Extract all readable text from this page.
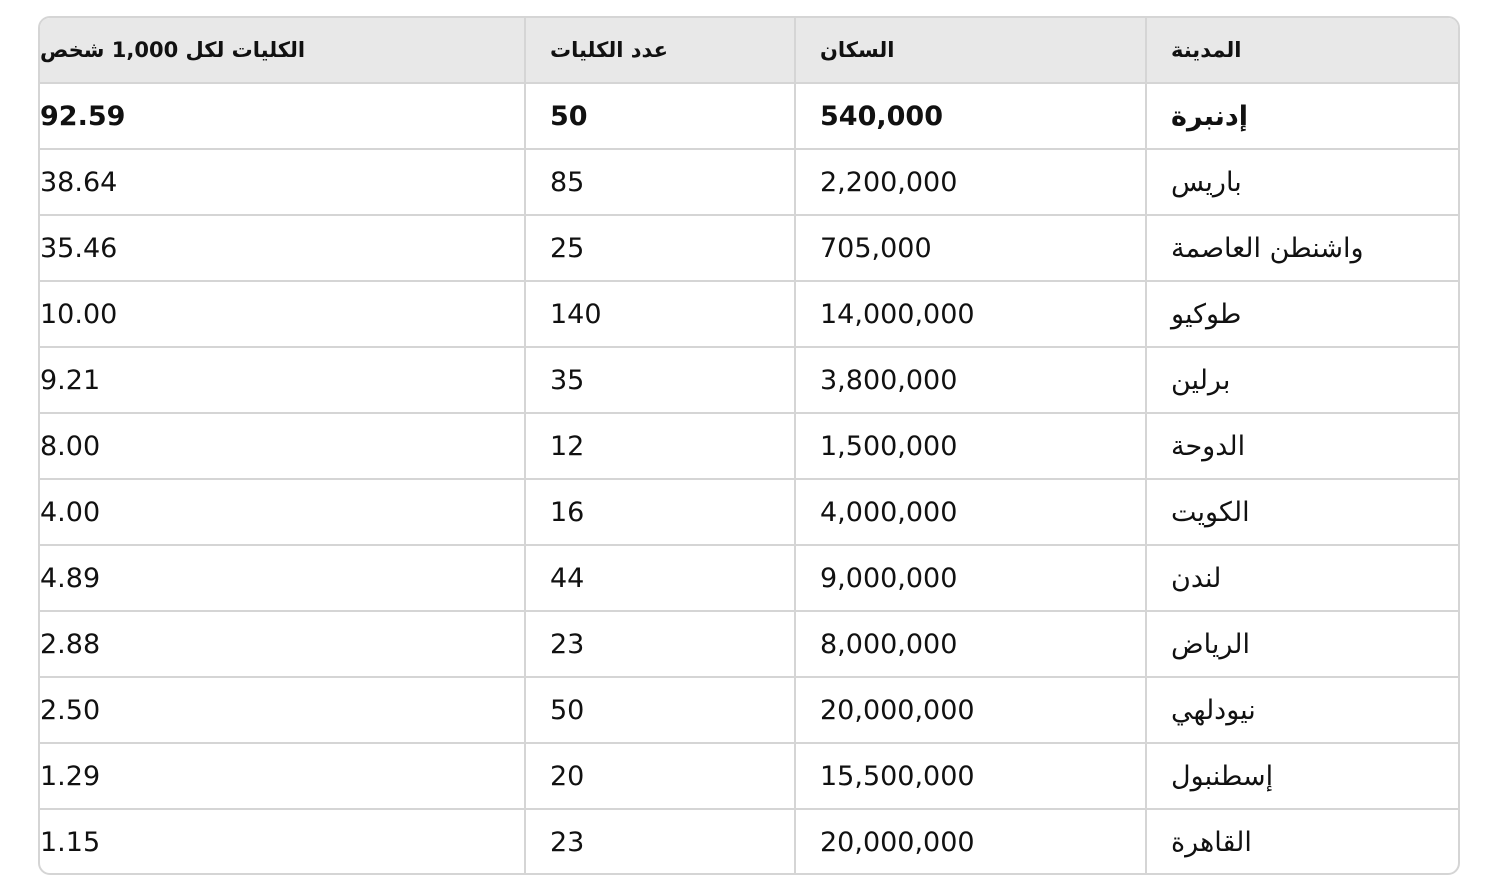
الكليات لكل 1,000 شخص	عدد الكليات	السكان	المدينة
92.59	50	540,000	إدنبرة
38.64	85	2,200,000	باريس
35.46	25	705,000	واشنطن العاصمة
10.00	140	14,000,000	طوكيو
9.21	35	3,800,000	برلين
8.00	12	1,500,000	الدوحة
4.00	16	4,000,000	الكويت
4.89	44	9,000,000	لندن
2.88	23	8,000,000	الرياض
2.50	50	20,000,000	نيودلهي
1.29	20	15,500,000	إسطنبول
1.15	23	20,000,000	القاهرة
